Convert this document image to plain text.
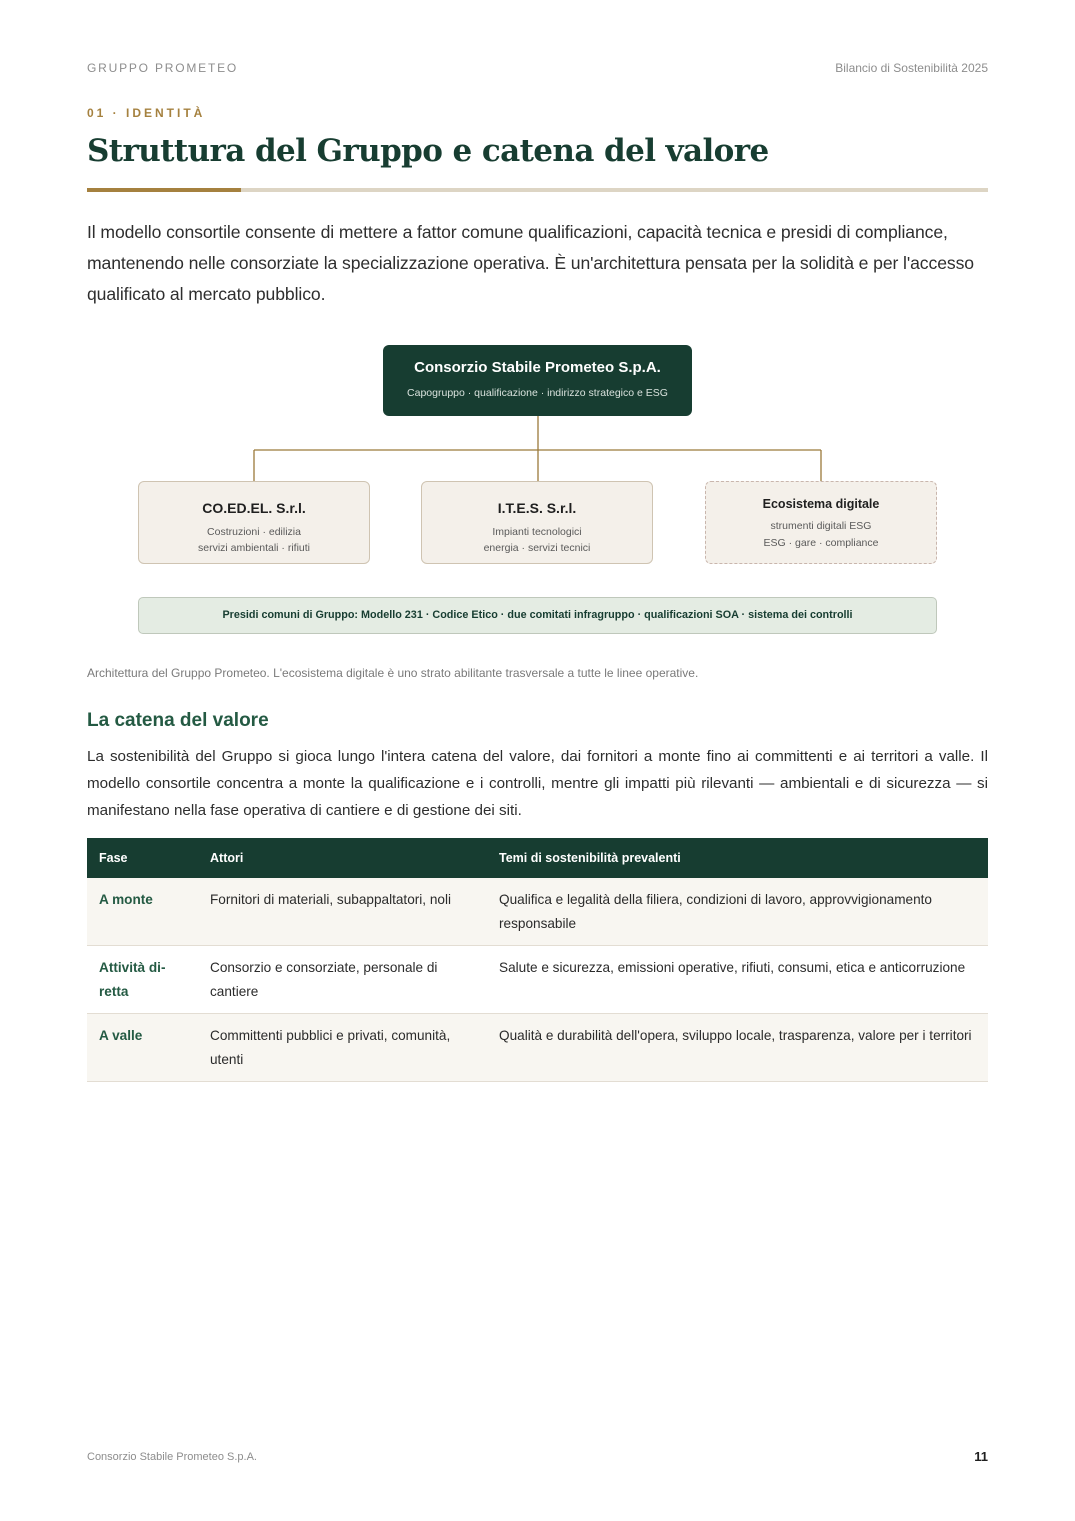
GRUPPO PROMETEO	Bilancio di Sostenibilità 2025
01 · IDENTITÀ
Struttura del Gruppo e catena del valore

Il modello consortile consente di mettere a fattor comune qualificazioni, capacità tecnica e presidi di compliance, mantenendo nelle consorziate la specializzazione operativa. È un'architettura pensata per la solidità e per l'accesso qualificato al mercato pubblico.

Consorzio Stabile Prometeo S.p.A.
Capogruppo · qualificazione · indirizzo strategico e ESG
CO.ED.EL. S.r.l.
Costruzioni · edilizia
servizi ambientali · rifiuti
I.T.E.S. S.r.l.
Impianti tecnologici
energia · servizi tecnici
Ecosistema digitale
strumenti digitali ESG
ESG · gare · compliance
Presidi comuni di Gruppo: Modello 231 · Codice Etico · due comitati infragruppo · qualificazioni SOA · sistema dei controlli
Architettura del Gruppo Prometeo. L'ecosistema digitale è uno strato abilitante trasversale a tutte le linee operative.
La catena del valore

La sostenibilità del Gruppo si gioca lungo l'intera catena del valore, dai fornitori a monte fino ai committenti e ai territori a valle. Il modello consortile concentra a monte la qualificazione e i controlli, mentre gli impatti più rilevanti — ambientali e di sicurezza — si manifestano nella fase operativa di cantiere e di gestione dei siti.

Fase	Attori	Temi di sostenibilità prevalenti
A monte	Fornitori di materiali, subappaltatori, noli	Qualifica e legalità della filiera, condizioni di lavoro, approvvigionamento responsabile
Attività diretta	Consorzio e consorziate, personale di cantiere	Salute e sicurezza, emissioni operative, rifiuti, consumi, etica e anticorruzione
A valle	Committenti pubblici e privati, comunità, utenti	Qualità e durabilità dell'opera, sviluppo locale, trasparenza, valore per i territori
Consorzio Stabile Prometeo S.p.A.	11
